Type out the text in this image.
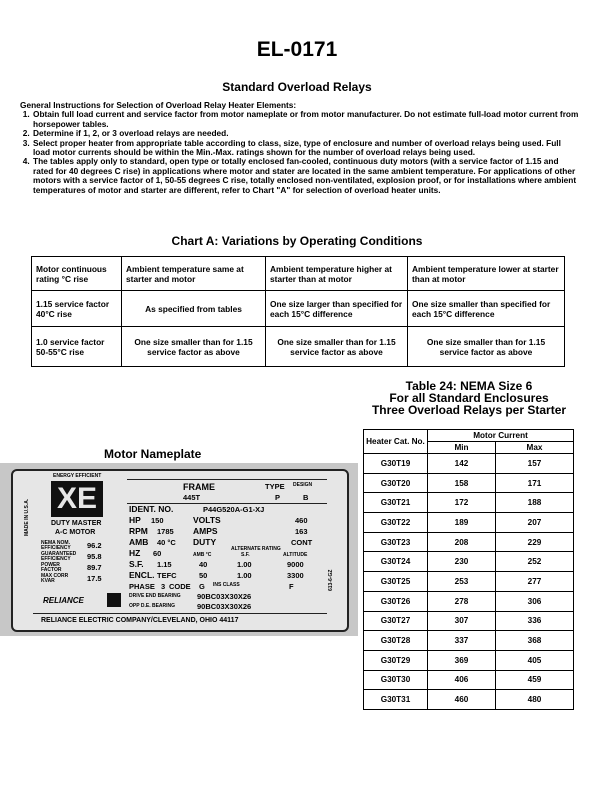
EL-0171
Standard Overload Relays

General Instructions for Selection of Overload Relay Heater Elements:

1. Obtain full load current and service factor from motor nameplate or from motor manufacturer. Do not estimate full-load motor current from horsepower tables.
2. Determine if 1, 2, or 3 overload relays are needed.
3. Select proper heater from appropriate table according to class, size, type of enclosure and number of overload relays being used. Full load motor currents should be within the Min.-Max. ratings shown for the number of overload relays being used.
4. The tables apply only to standard, open type or totally enclosed fan-cooled, continuous duty motors (with a service factor of 1.15 and rated for 40 degrees C rise) in applications where motor and stater are located in the same ambient temperature. For applications of other motors with a service factor of 1, 50-55 degrees C rise, totally enclosed non-ventilated, explosion proof, or for installations where ambient temperatures of motor and starter are different, refer to Chart "A" for selection of overload heater units.
Chart A: Variations by Operating Conditions
Motor continuous rating °C rise	Ambient temperature same at starter and motor	Ambient temperature higher at starter than at motor	Ambient temperature lower at starter than at motor
1.15 service factor 40°C rise	As specified from tables	One size larger than specified for each 15°C difference	One size smaller than specified for each 15°C difference
1.0 service factor 50-55°C rise	One size smaller than for 1.15 service factor as above	One size smaller than for 1.15 service factor as above	One size smaller than for 1.15 service factor as above
Table 24: NEMA Size 6
For all Standard Enclosures
Three Overload Relays per Starter
Heater Cat. No.	Motor Current	
	Min	Max
G30T19	142	157
G30T20	158	171
G30T21	172	188
G30T22	189	207
G30T23	208	229
G30T24	230	252
G30T25	253	277
G30T26	278	306
G30T27	307	336
G30T28	337	368
G30T29	369	405
G30T30	406	459
G30T31	460	480
Motor Nameplate
ENERGY EFFICIENT
XE
MADE IN U.S.A.	DUTY MASTER
A-C MOTOR
NEMA NOM. EFFICIENCY	96.2
GUARANTEED EFFICIENCY	95.8
POWER FACTOR	89.7
MAX CORR KVAR	17.5
RELIANCE
FRAME	TYPE DESIGN
445T	P	B
IDENT. NO.	P44G520A-G1-XJ
HP 150	VOLTS	460
RPM 1785 AMPS	163
AMB 40 °C DUTY	CONT
HZ 60	ALTERNATE RATING
AMB °C	S.F.	ALTITUDE
S.F. 1.15	40	1.00	9000
ENCL. TEFC	50	1.00	3300
PHASE 3 CODE G INS CLASS	F
DRIVE END BEARING 90BC03X30X26
OPP D.E. BEARING	90BC03X30X26
613-6-GZ
RELIANCE ELECTRIC COMPANY/CLEVELAND, OHIO 44117
